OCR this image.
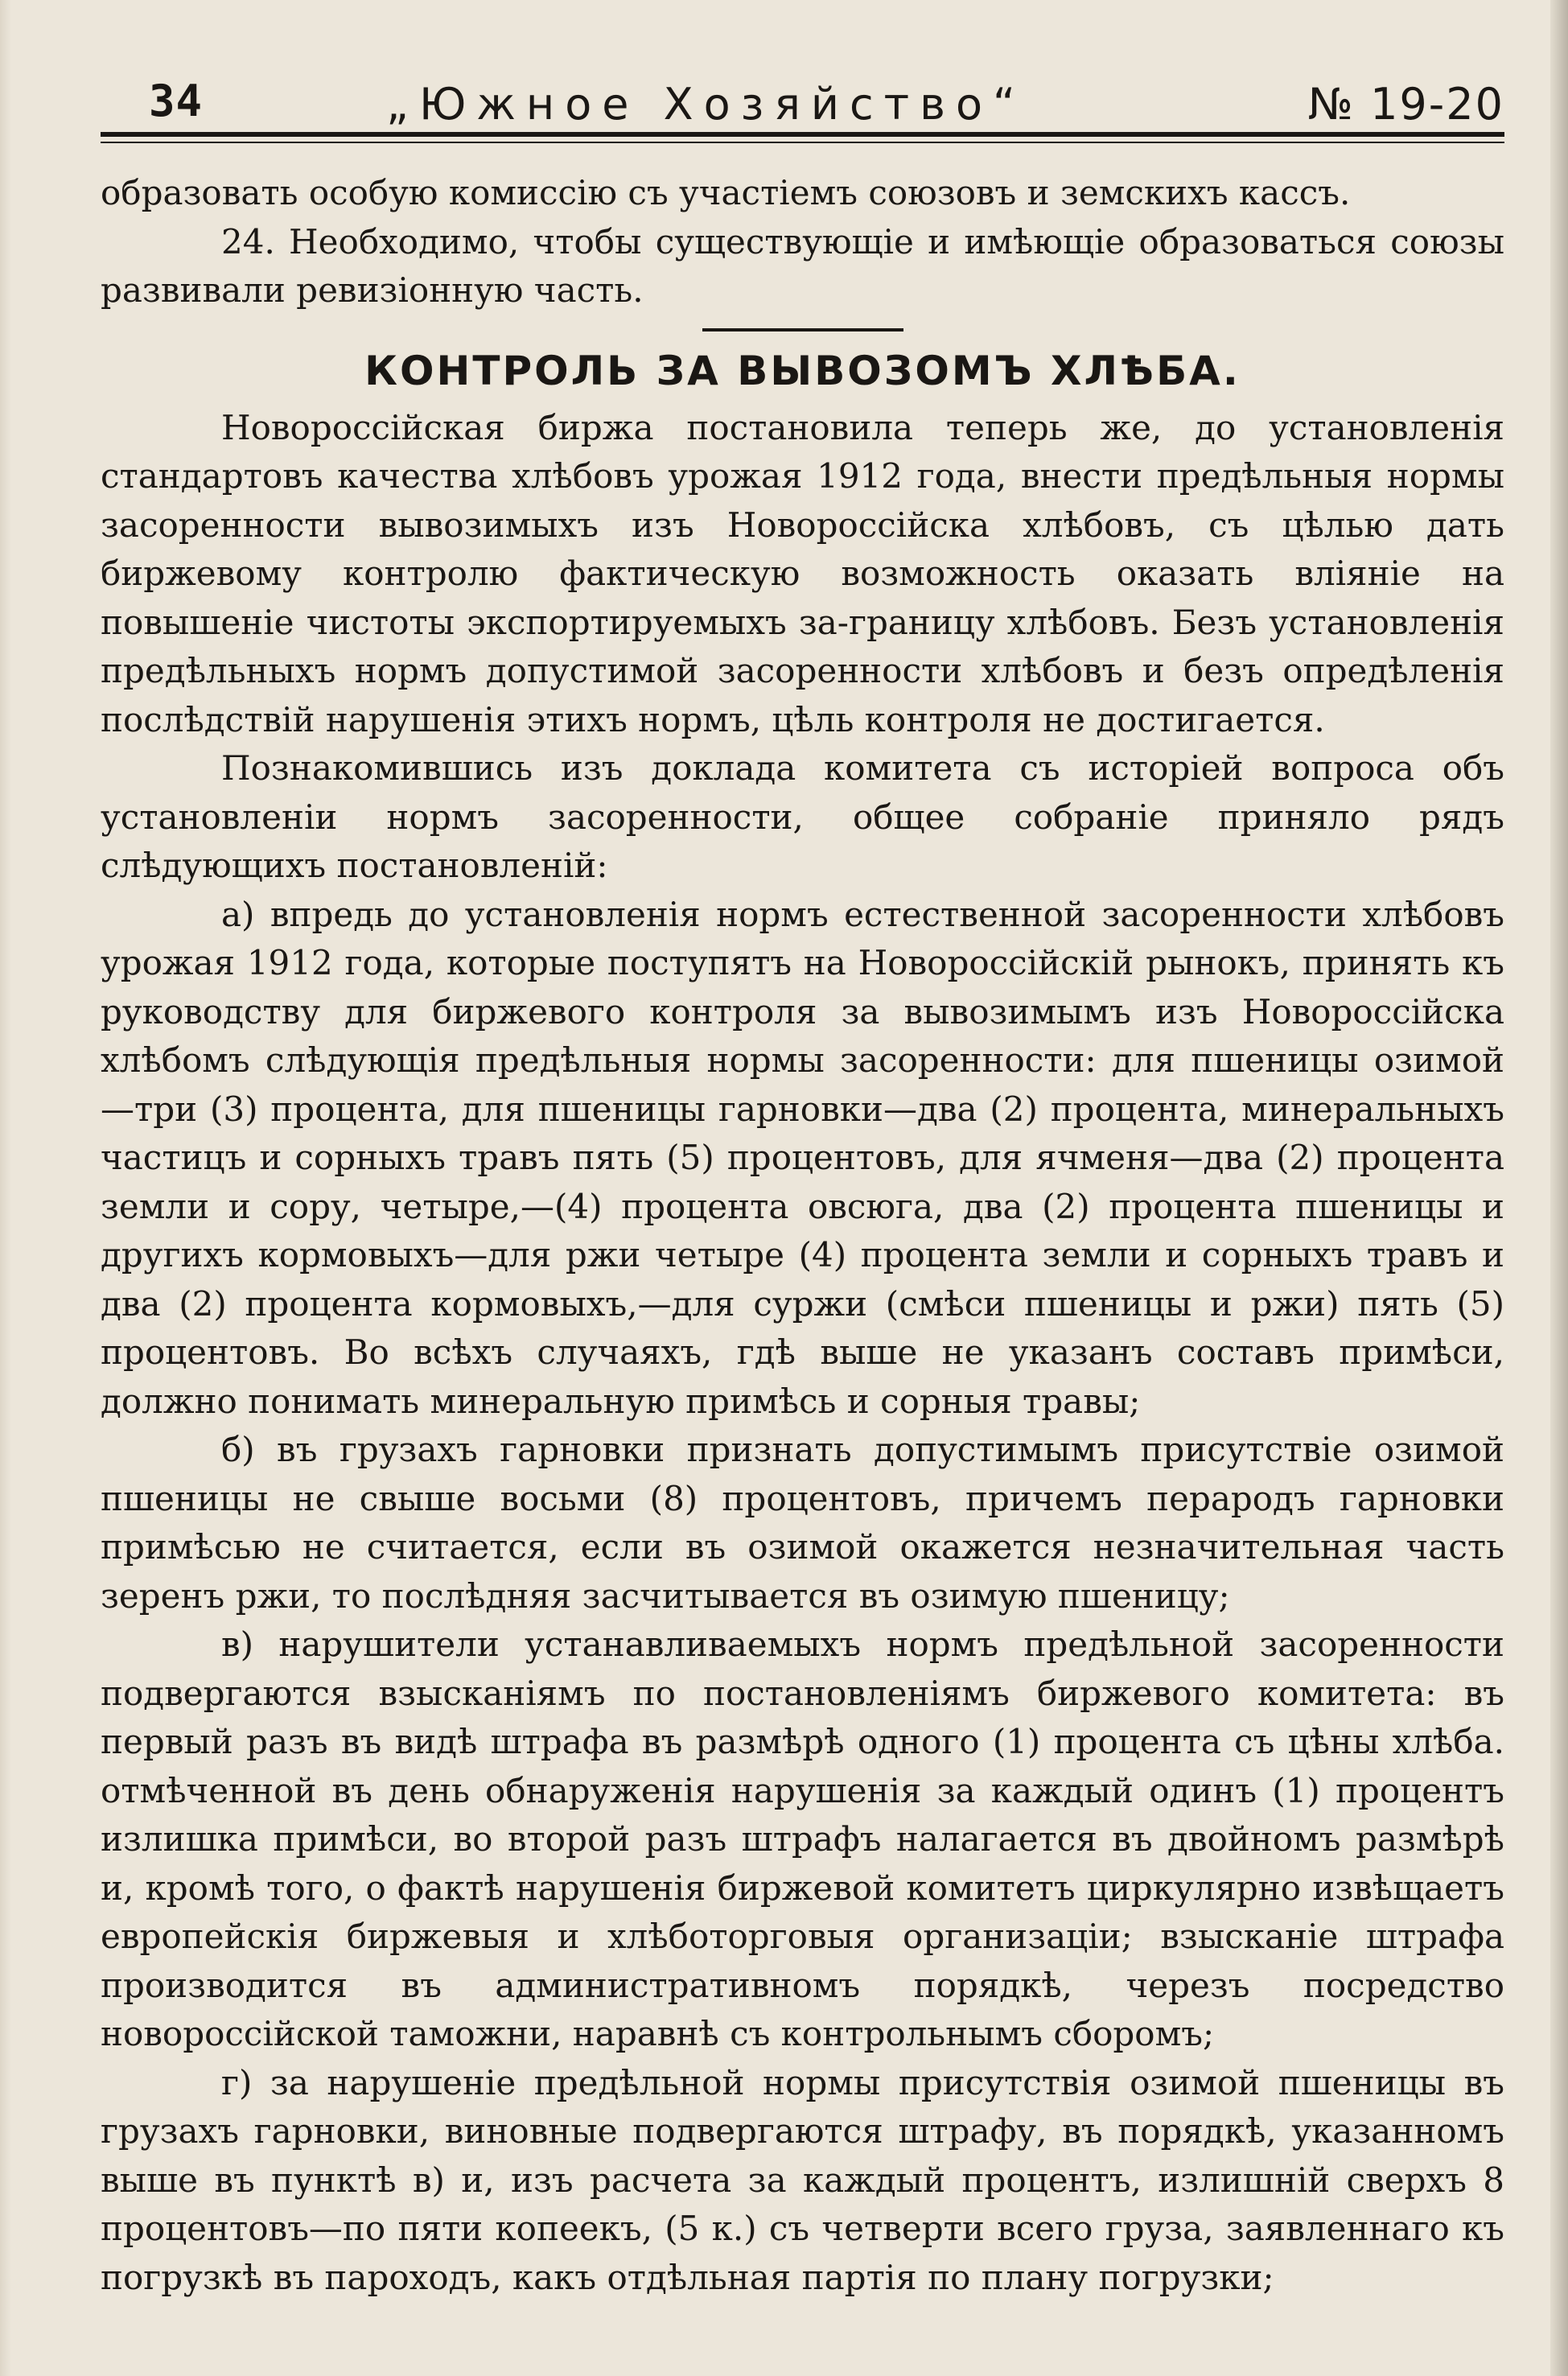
34	„Южное Хозяйство“	№ 19-20

образовать особую комиссію съ участіемъ союзовъ и земскихъ кассъ.

24. Необходимо, чтобы существующіе и имѣющіе образоваться союзы развивали ревизіонную часть.

КОНТРОЛЬ ЗА ВЫВОЗОМЪ ХЛѢБА.

Новороссійская биржа постановила теперь же, до установленія стандартовъ качества хлѣбовъ урожая 1912 года, внести предѣльныя нормы засоренности вывозимыхъ изъ Новороссійска хлѣбовъ, съ цѣлью дать биржевому контролю фактическую возможность оказать вліяніе на повышеніе чистоты экспортируемыхъ за-границу хлѣбовъ. Безъ установленія предѣльныхъ нормъ допустимой засоренности хлѣбовъ и безъ опредѣленія послѣдствій нарушенія этихъ нормъ, цѣль контроля не достигается.

Познакомившись изъ доклада комитета съ исторіей вопроса объ установленіи нормъ засоренности, общее собраніе приняло рядъ слѣдующихъ постановленій:

а) впредь до установленія нормъ естественной засоренности хлѣбовъ урожая 1912 года, которые поступятъ на Новороссійскій рынокъ, принять къ руководству для биржевого контроля за вывозимымъ изъ Новороссійска хлѣбомъ слѣдующія предѣльныя нормы засоренности: для пшеницы озимой—три (3) процента, для пшеницы гарновки—два (2) процента, минеральныхъ частицъ и сорныхъ травъ пять (5) процентовъ, для ячменя—два (2) процента земли и сору, четыре,—(4) процента овсюга, два (2) процента пшеницы и другихъ кормовыхъ—для ржи четыре (4) процента земли и сорныхъ травъ и два (2) процента кормовыхъ,—для суржи (смѣси пшеницы и ржи) пять (5) процентовъ. Во всѣхъ случаяхъ, гдѣ выше не указанъ составъ примѣси, должно понимать минеральную примѣсь и сорныя травы;

б) въ грузахъ гарновки признать допустимымъ присутствіе озимой пшеницы не свыше восьми (8) процентовъ, причемъ перародъ гарновки примѣсью не считается, если въ озимой окажется незначительная часть зеренъ ржи, то послѣдняя засчитывается въ озимую пшеницу;

в) нарушители устанавливаемыхъ нормъ предѣльной засоренности подвергаются взысканіямъ по постановленіямъ биржевого комитета: въ первый разъ въ видѣ штрафа въ размѣрѣ одного (1) процента съ цѣны хлѣба. отмѣченной въ день обнаруженія нарушенія за каждый одинъ (1) процентъ излишка примѣси, во второй разъ штрафъ налагается въ двойномъ размѣрѣ и, кромѣ того, о фактѣ нарушенія биржевой комитетъ циркулярно извѣщаетъ европейскія биржевыя и хлѣботорговыя организаціи; взысканіе штрафа производится въ административномъ порядкѣ, черезъ посредство новороссійской таможни, наравнѣ съ контрольнымъ сборомъ;

г) за нарушеніе предѣльной нормы присутствія озимой пшеницы въ грузахъ гарновки, виновные подвергаются штрафу, въ порядкѣ, указанномъ выше въ пунктѣ в) и, изъ расчета за каждый процентъ, излишній сверхъ 8 процентовъ—по пяти копеекъ, (5 к.) съ четверти всего груза, заявленнаго къ погрузкѣ въ пароходъ, какъ отдѣльная партія по плану погрузки;
